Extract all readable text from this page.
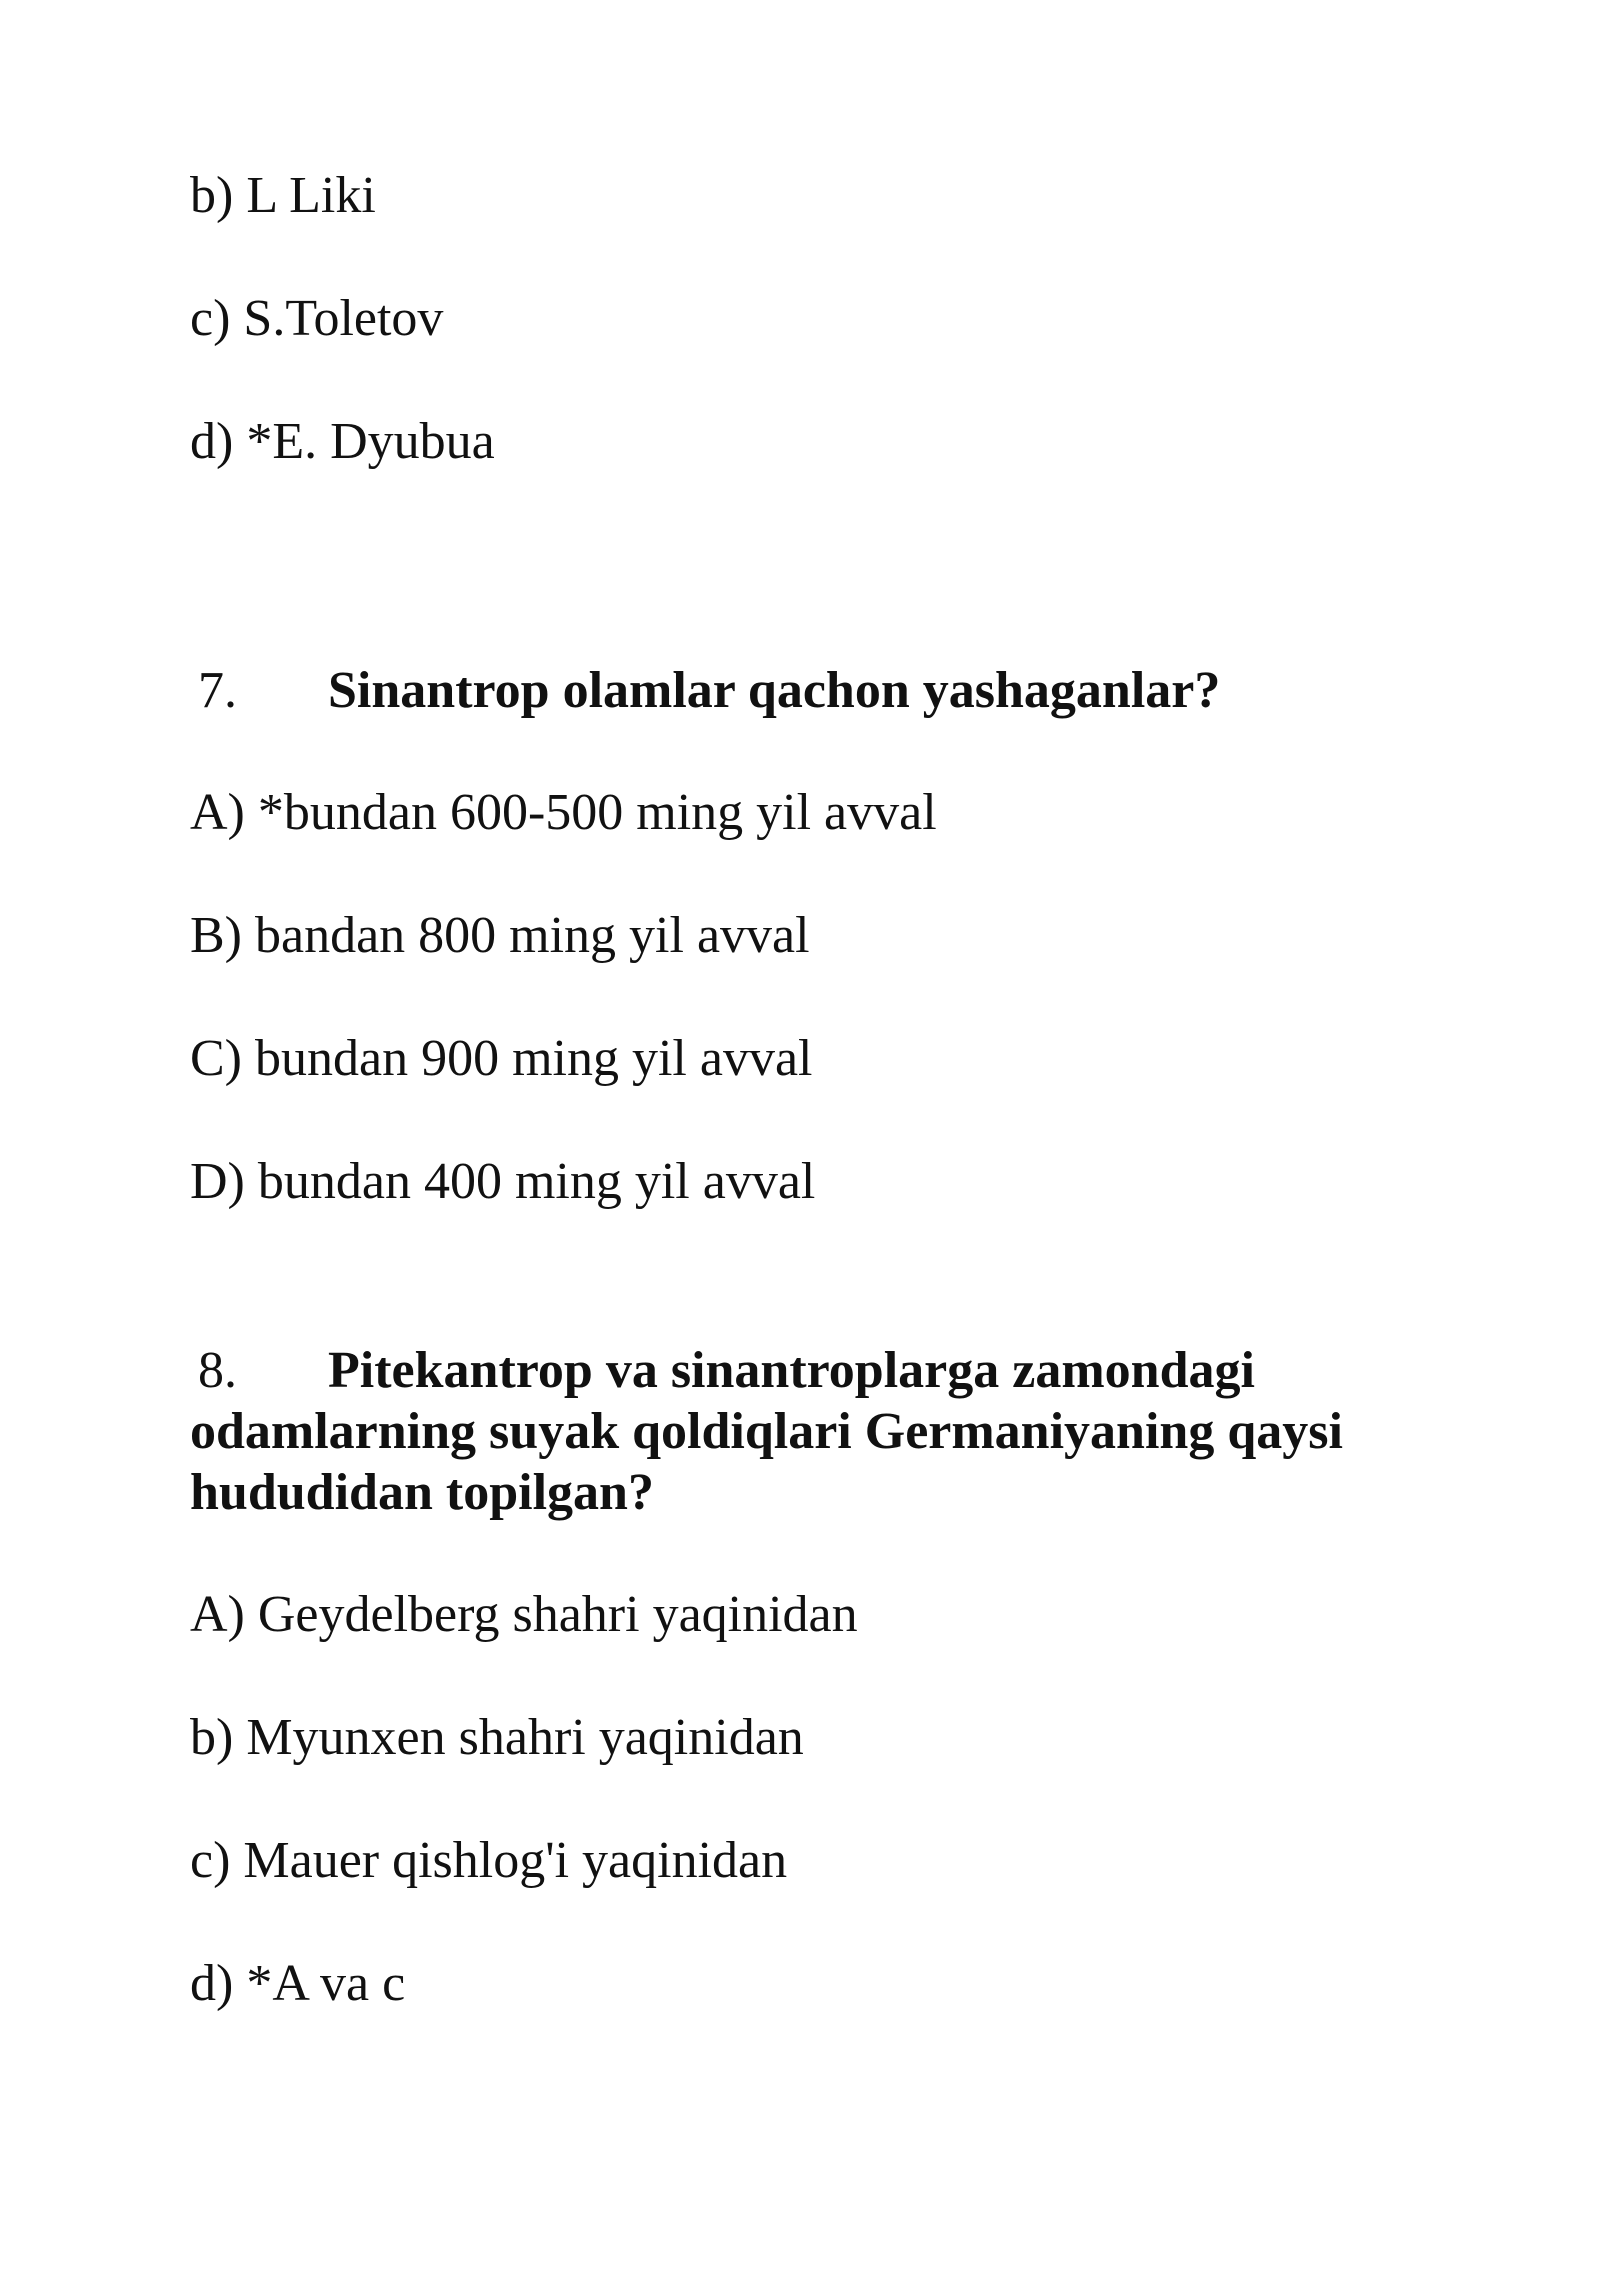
b) L Liki
c) S.Toletov
d) *E. Dyubua
7. Sinantrop olamlar qachon yashaganlar?
A) *bundan 600-500 ming yil avval
B) bandan 800 ming yil avval
C) bundan 900 ming yil avval
D) bundan 400 ming yil avval
8. Pitekantrop va sinantroplarga zamondagi odamlarning suyak qoldiqlari Germaniyaning qaysi hududidan topilgan?
A) Geydelberg shahri yaqinidan
b) Myunxen shahri yaqinidan
c) Mauer qishlog'i yaqinidan
d) *A va c
